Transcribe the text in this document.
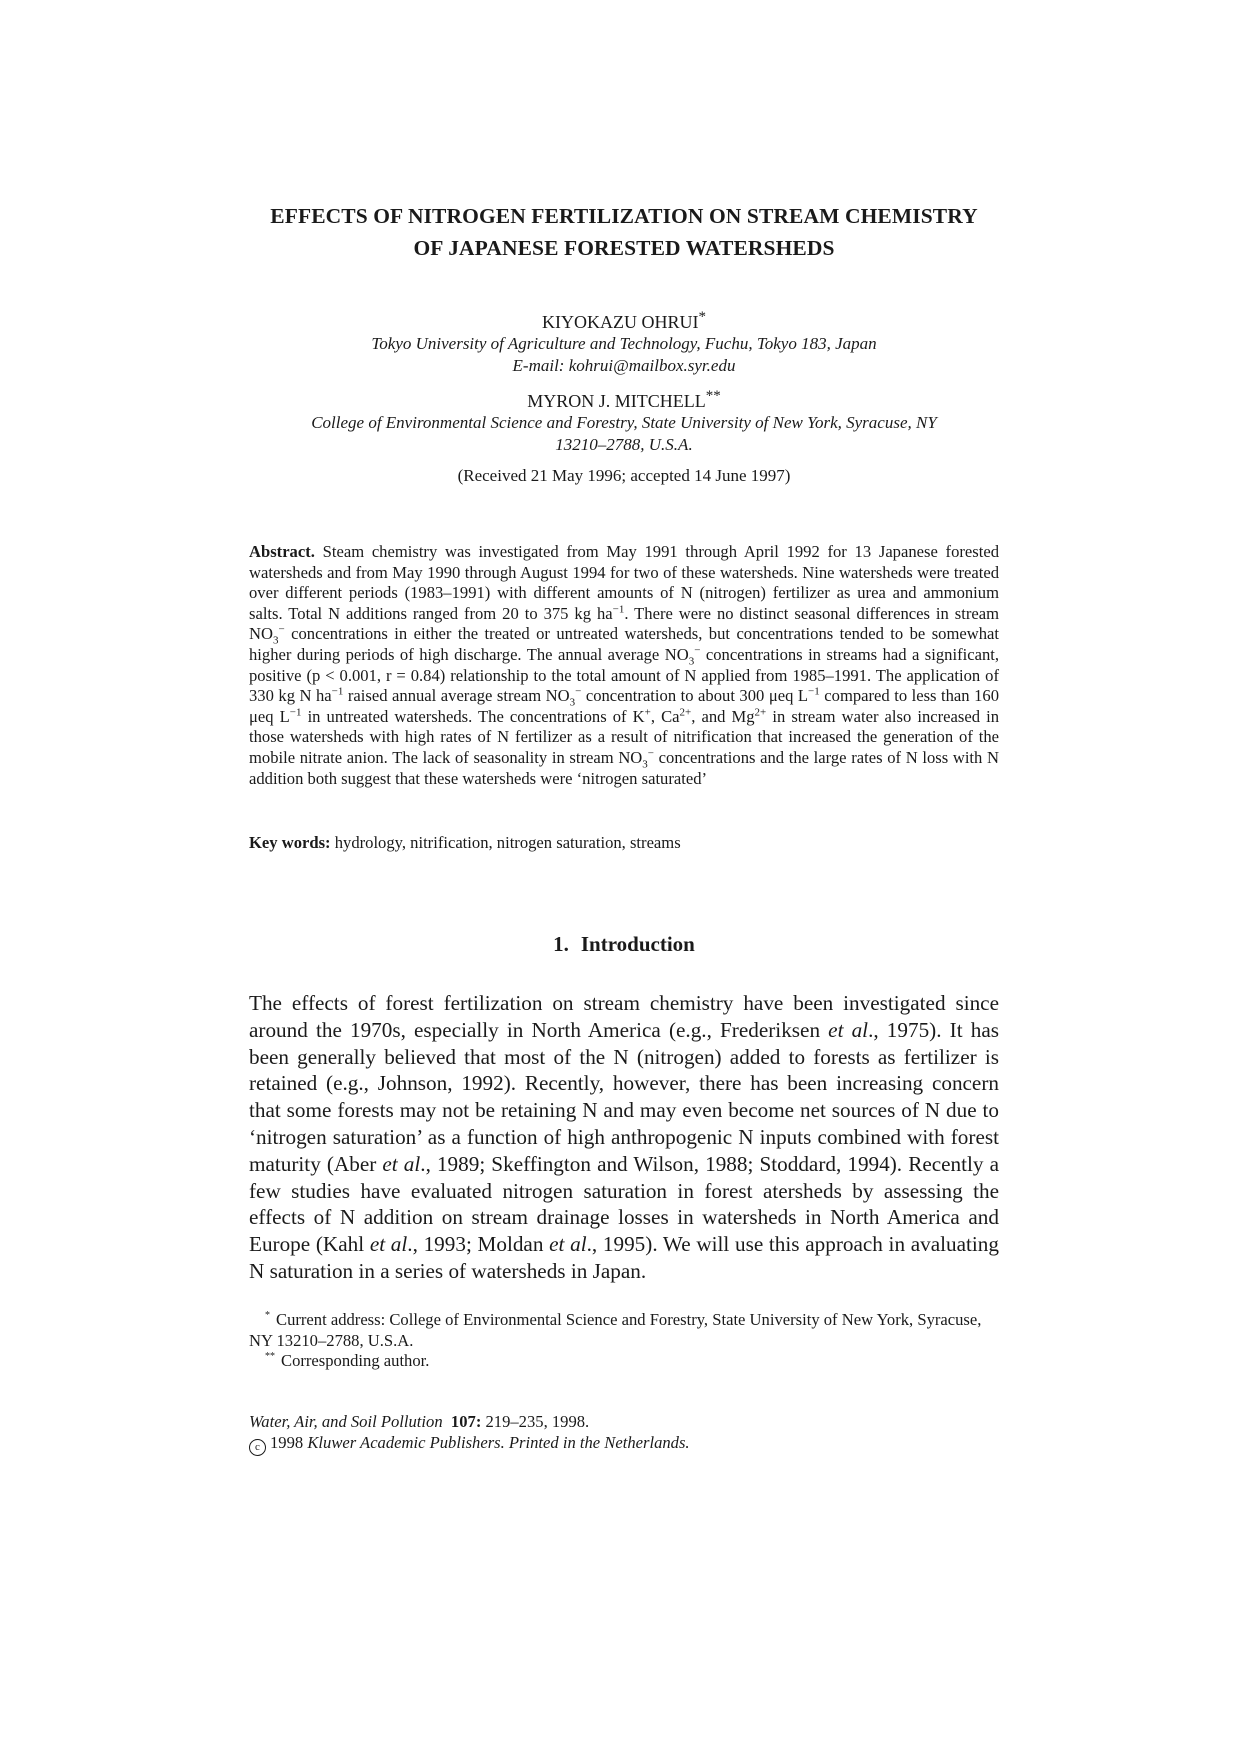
EFFECTS OF NITROGEN FERTILIZATION ON STREAM CHEMISTRY
OF JAPANESE FORESTED WATERSHEDS
KIYOKAZU OHRUI*
Tokyo University of Agriculture and Technology, Fuchu, Tokyo 183, Japan
E-mail: kohrui@mailbox.syr.edu
MYRON J. MITCHELL**
College of Environmental Science and Forestry, State University of New York, Syracuse, NY
13210–2788, U.S.A.
(Received 21 May 1996; accepted 14 June 1997)
Abstract. Steam chemistry was investigated from May 1991 through April 1992 for 13 Japanese forested watersheds and from May 1990 through August 1994 for two of these watersheds. Nine watersheds were treated over different periods (1983–1991) with different amounts of N (nitrogen) fertilizer as urea and ammonium salts. Total N additions ranged from 20 to 375 kg $ha^{-1}$. There were no distinct seasonal differences in stream $NO_3^-$ concentrations in either the treated or untreated watersheds, but concentrations tended to be somewhat higher during periods of high discharge. The annual average $NO_3^-$ concentrations in streams had a significant, positive (p < 0.001, r = 0.84) relationship to the total amount of N applied from 1985–1991. The application of 330 kg N $ha^{-1}$ raised annual average stream $NO_3^-$ concentration to about 300 μeq $L^{-1}$ compared to less than 160 μeq $L^{-1}$ in untreated watersheds. The concentrations of K+, $Ca^{2+}$, and $Mg^{2+}$ in stream water also increased in those watersheds with high rates of N fertilizer as a result of nitrification that increased the generation of the mobile nitrate anion. The lack of seasonality in stream $NO_3^-$ concentrations and the large rates of N loss with N addition both suggest that these watersheds were ‘nitrogen saturated’
Key words: hydrology, nitrification, nitrogen saturation, streams
1. Introduction
The effects of forest fertilization on stream chemistry have been investigated since around the 1970s, especially in North America (e.g., Frederiksen et al., 1975). It has been generally believed that most of the N (nitrogen) added to forests as fertilizer is retained (e.g., Johnson, 1992). Recently, however, there has been increasing concern that some forests may not be retaining N and may even become net sources of N due to ‘nitrogen saturation’ as a function of high anthropogenic N inputs combined with forest maturity (Aber et al., 1989; Skeffington and Wilson, 1988; Stoddard, 1994). Recently a few studies have evaluated nitrogen saturation in forest atersheds by assessing the effects of N addition on stream drainage losses in watersheds in North America and Europe (Kahl et al., 1993; Moldan et al., 1995). We will use this approach in avaluating N saturation in a series of watersheds in Japan.
* Current address: College of Environmental Science and Forestry, State University of New York, Syracuse, NY 13210–2788, U.S.A.
** Corresponding author.
Water, Air, and Soil Pollution 107: 219–235, 1998.
c 1998 Kluwer Academic Publishers. Printed in the Netherlands.
